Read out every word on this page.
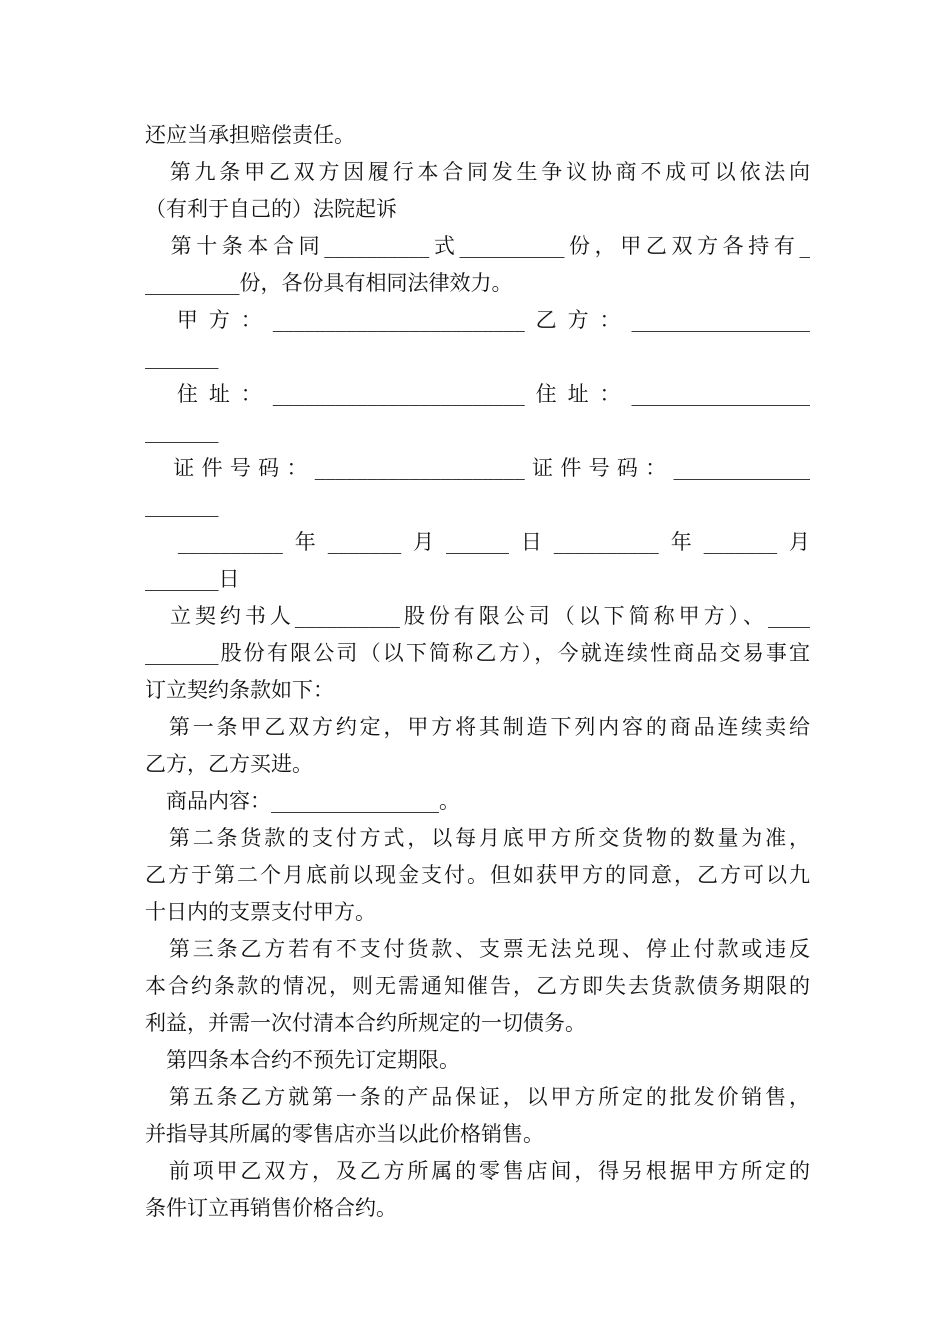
还应当承担赔偿责任。
　第九条甲乙双方因履行本合同发生争议协商不成可以依法向
（有利于自己的）法院起诉
　第十条本合同__________式__________份，甲乙双方各持有_
_________份，各份具有相同法律效力。
　甲方：________________________乙方：_________________
_______
　住址：________________________住址：_________________
_______
　证件号码：____________________证件号码：_____________
_______
　__________年_______月______日__________年_______月
_______日
　立契约书人__________股份有限公司（以下简称甲方）、____
_______股份有限公司（以下简称乙方），今就连续性商品交易事宜
订立契约条款如下：
　第一条甲乙双方约定，甲方将其制造下列内容的商品连续卖给
乙方，乙方买进。
　商品内容：________________。
　第二条货款的支付方式，以每月底甲方所交货物的数量为准，
乙方于第二个月底前以现金支付。但如获甲方的同意，乙方可以九
十日内的支票支付甲方。
　第三条乙方若有不支付货款、支票无法兑现、停止付款或违反
本合约条款的情况，则无需通知催告，乙方即失去货款债务期限的
利益，并需一次付清本合约所规定的一切债务。
　第四条本合约不预先订定期限。
　第五条乙方就第一条的产品保证，以甲方所定的批发价销售，
并指导其所属的零售店亦当以此价格销售。
　前项甲乙双方，及乙方所属的零售店间，得另根据甲方所定的
条件订立再销售价格合约。
